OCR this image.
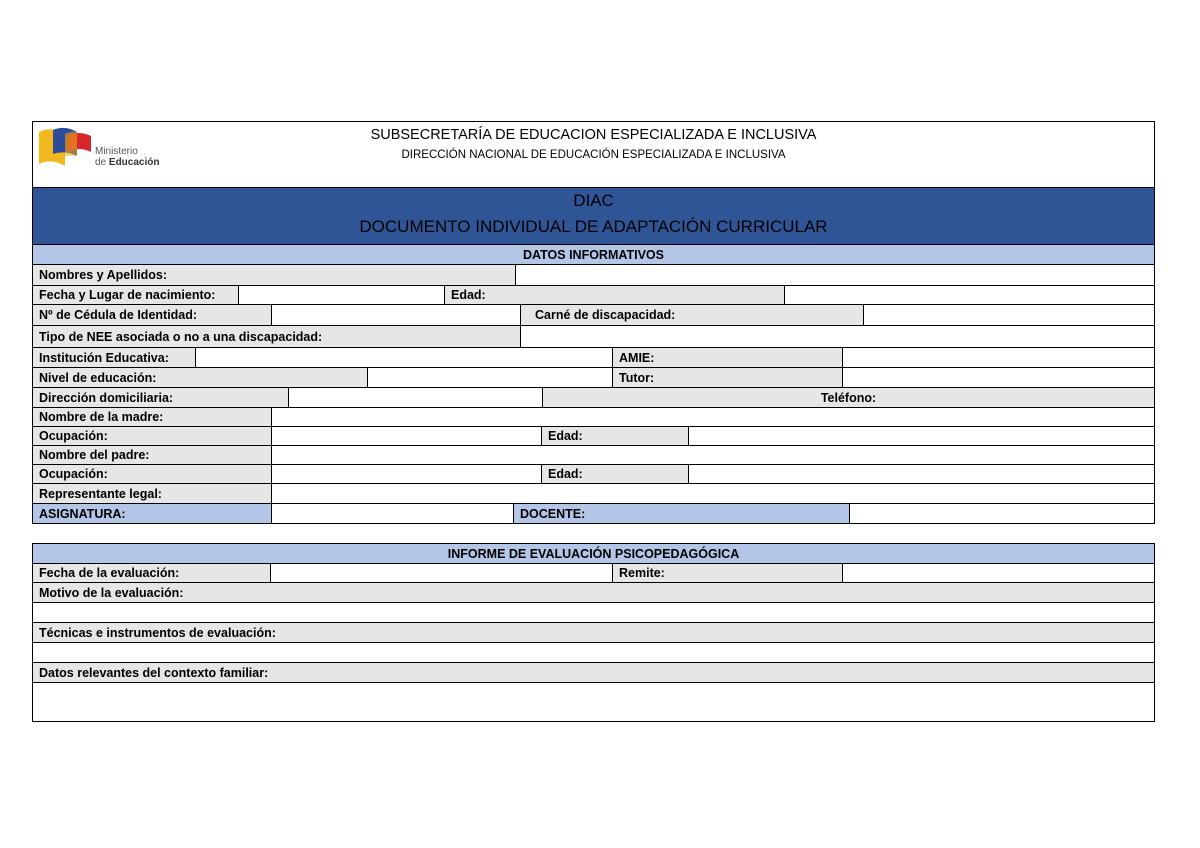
Ministerio
de Educación
SUBSECRETARÍA DE EDUCACION ESPECIALIZADA E INCLUSIVA
DIRECCIÓN NACIONAL DE EDUCACIÓN ESPECIALIZADA E INCLUSIVA
DIAC
DOCUMENTO INDIVIDUAL DE ADAPTACIÓN CURRICULAR
DATOS INFORMATIVOS
Nombres y Apellidos:
Fecha y Lugar de nacimiento:	Edad:
Nº de Cédula de Identidad:	Carné de discapacidad:
Tipo de NEE asociada o no a una discapacidad:
Institución Educativa:	AMIE:
Nivel de educación:	Tutor:
Dirección domiciliaria:	Teléfono:
Nombre de la madre:
Ocupación:	Edad:
Nombre del padre:
Ocupación:	Edad:
Representante legal:
ASIGNATURA:	DOCENTE:
INFORME DE EVALUACIÓN PSICOPEDAGÓGICA
Fecha de la evaluación:	Remite:
Motivo de la evaluación:
Técnicas e instrumentos de evaluación:
Datos relevantes del contexto familiar:
